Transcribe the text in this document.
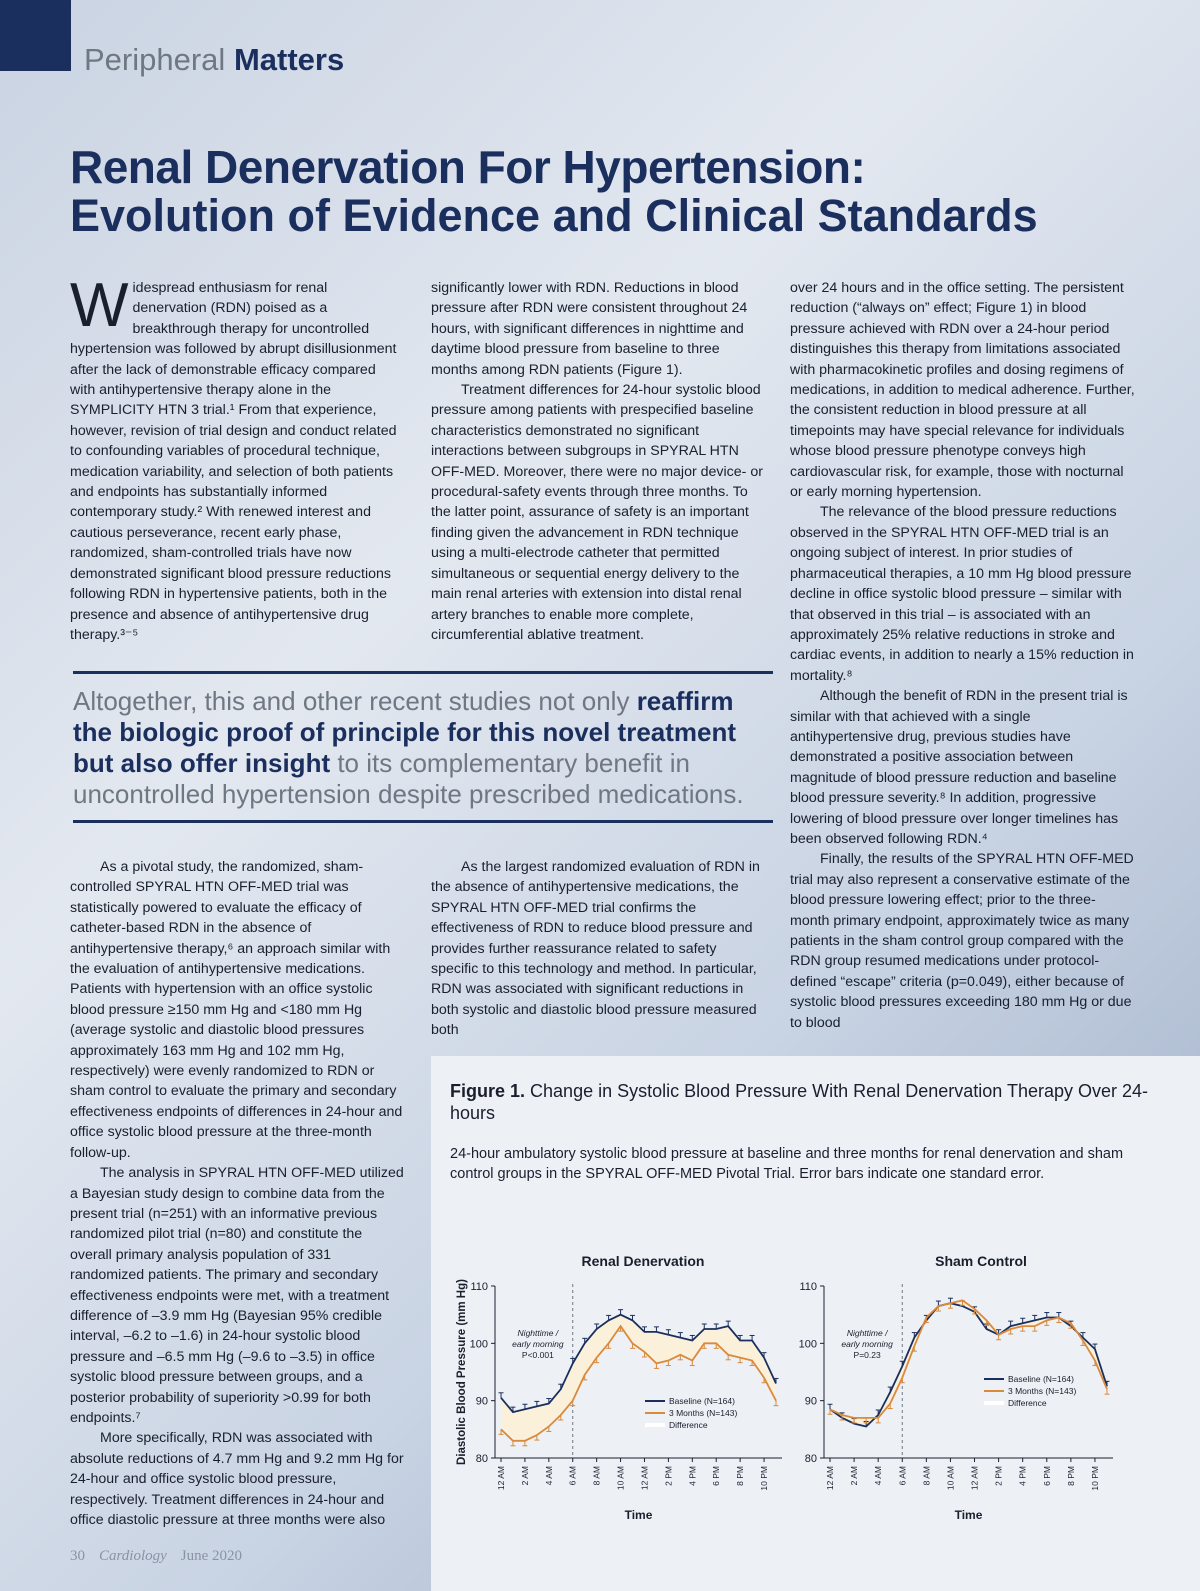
Peripheral Matters
Renal Denervation For Hypertension:
Evolution of Evidence and Clinical Standards
W idespread enthusiasm for renal denervation (RDN) poised as a breakthrough therapy for uncontrolled hypertension was followed by abrupt disillusionment after the lack of demonstrable efficacy compared with antihypertensive therapy alone in the SYMPLICITY HTN 3 trial.¹ From that experience, however, revision of trial design and conduct related to confounding variables of procedural technique, medication variability, and selection of both patients and endpoints has substantially informed contemporary study.² With renewed interest and cautious perseverance, recent early phase, randomized, sham-controlled trials have now demonstrated significant blood pressure reductions following RDN in hypertensive patients, both in the presence and absence of antihypertensive drug therapy.³⁻⁵

significantly lower with RDN. Reductions in blood pressure after RDN were consistent throughout 24 hours, with significant differences in nighttime and daytime blood pressure from baseline to three months among RDN patients (Figure 1).

Treatment differences for 24-hour systolic blood pressure among patients with prespecified baseline characteristics demonstrated no significant interactions between subgroups in SPYRAL HTN OFF-MED. Moreover, there were no major device- or procedural-safety events through three months. To the latter point, assurance of safety is an important finding given the advancement in RDN technique using a multi-electrode catheter that permitted simultaneous or sequential energy delivery to the main renal arteries with extension into distal renal artery branches to enable more complete, circumferential ablative treatment.

over 24 hours and in the office setting. The persistent reduction (“always on” effect; Figure 1) in blood pressure achieved with RDN over a 24-hour period distinguishes this therapy from limitations associated with pharmacokinetic profiles and dosing regimens of medications, in addition to medical adherence. Further, the consistent reduction in blood pressure at all timepoints may have special relevance for individuals whose blood pressure phenotype conveys high cardiovascular risk, for example, those with nocturnal or early morning hypertension.

The relevance of the blood pressure reductions observed in the SPYRAL HTN OFF-MED trial is an ongoing subject of interest. In prior studies of pharmaceutical therapies, a 10 mm Hg blood pressure decline in office systolic blood pressure – similar with that observed in this trial – is associated with an approximately 25% relative reductions in stroke and cardiac events, in addition to nearly a 15% reduction in mortality.⁸

Although the benefit of RDN in the present trial is similar with that achieved with a single antihypertensive drug, previous studies have demonstrated a positive association between magnitude of blood pressure reduction and baseline blood pressure severity.⁸ In addition, progressive lowering of blood pressure over longer timelines has been observed following RDN.⁴

Finally, the results of the SPYRAL HTN OFF-MED trial may also represent a conservative estimate of the blood pressure lowering effect; prior to the three-month primary endpoint, approximately twice as many patients in the sham control group compared with the RDN group resumed medications under protocol-defined “escape” criteria (p=0.049), either because of systolic blood pressures exceeding 180 mm Hg or due to blood

Altogether, this and other recent studies not only reaffirm the biologic proof of principle for this novel treatment but also offer insight to its complementary benefit in uncontrolled hypertension despite prescribed medications.

As a pivotal study, the randomized, sham-controlled SPYRAL HTN OFF-MED trial was statistically powered to evaluate the efficacy of catheter-based RDN in the absence of antihypertensive therapy,⁶ an approach similar with the evaluation of antihypertensive medications. Patients with hypertension with an office systolic blood pressure ≥150 mm Hg and <180 mm Hg (average systolic and diastolic blood pressures approximately 163 mm Hg and 102 mm Hg, respectively) were evenly randomized to RDN or sham control to evaluate the primary and secondary effectiveness endpoints of differences in 24-hour and office systolic blood pressure at the three-month follow-up.

The analysis in SPYRAL HTN OFF-MED utilized a Bayesian study design to combine data from the present trial (n=251) with an informative previous randomized pilot trial (n=80) and constitute the overall primary analysis population of 331 randomized patients. The primary and secondary effectiveness endpoints were met, with a treatment difference of –3.9 mm Hg (Bayesian 95% credible interval, –6.2 to –1.6) in 24-hour systolic blood pressure and –6.5 mm Hg (–9.6 to –3.5) in office systolic blood pressure between groups, and a posterior probability of superiority >0.99 for both endpoints.⁷

More specifically, RDN was associated with absolute reductions of 4.7 mm Hg and 9.2 mm Hg for 24-hour and office systolic blood pressure, respectively. Treatment differences in 24-hour and office diastolic pressure at three months were also

As the largest randomized evaluation of RDN in the absence of antihypertensive medications, the SPYRAL HTN OFF-MED trial confirms the effectiveness of RDN to reduce blood pressure and provides further reassurance related to safety specific to this technology and method. In particular, RDN was associated with significant reductions in both systolic and diastolic blood pressure measured both

Figure 1. Change in Systolic Blood Pressure With Renal Denervation Therapy Over 24-hours
24-hour ambulatory systolic blood pressure at baseline and three months for renal denervation and sham control groups in the SPYRAL OFF-MED Pivotal Trial. Error bars indicate one standard error.
Renal Denervation
80
90
100
110
12 AM 2 AM 4 AM 6 AM 8 AM 10 AM 12 AM 2 PM 4 PM 6 PM 8 PM 10 PM
Nighttime /
early morning
P<0.001
Baseline (N=164)
3 Months (N=143)
Difference
Time
Diastolic Blood Pressure (mm Hg)
Sham Control
80
90
100
110
12 AM 2 AM 4 AM 6 AM 8 AM 10 AM 12 AM 2 PM 4 PM 6 PM 8 PM 10 PM
Nighttime /
early morning
P=0.23
Baseline (N=164)
3 Months (N=143)
Difference
Time
30 Cardiology June 2020
